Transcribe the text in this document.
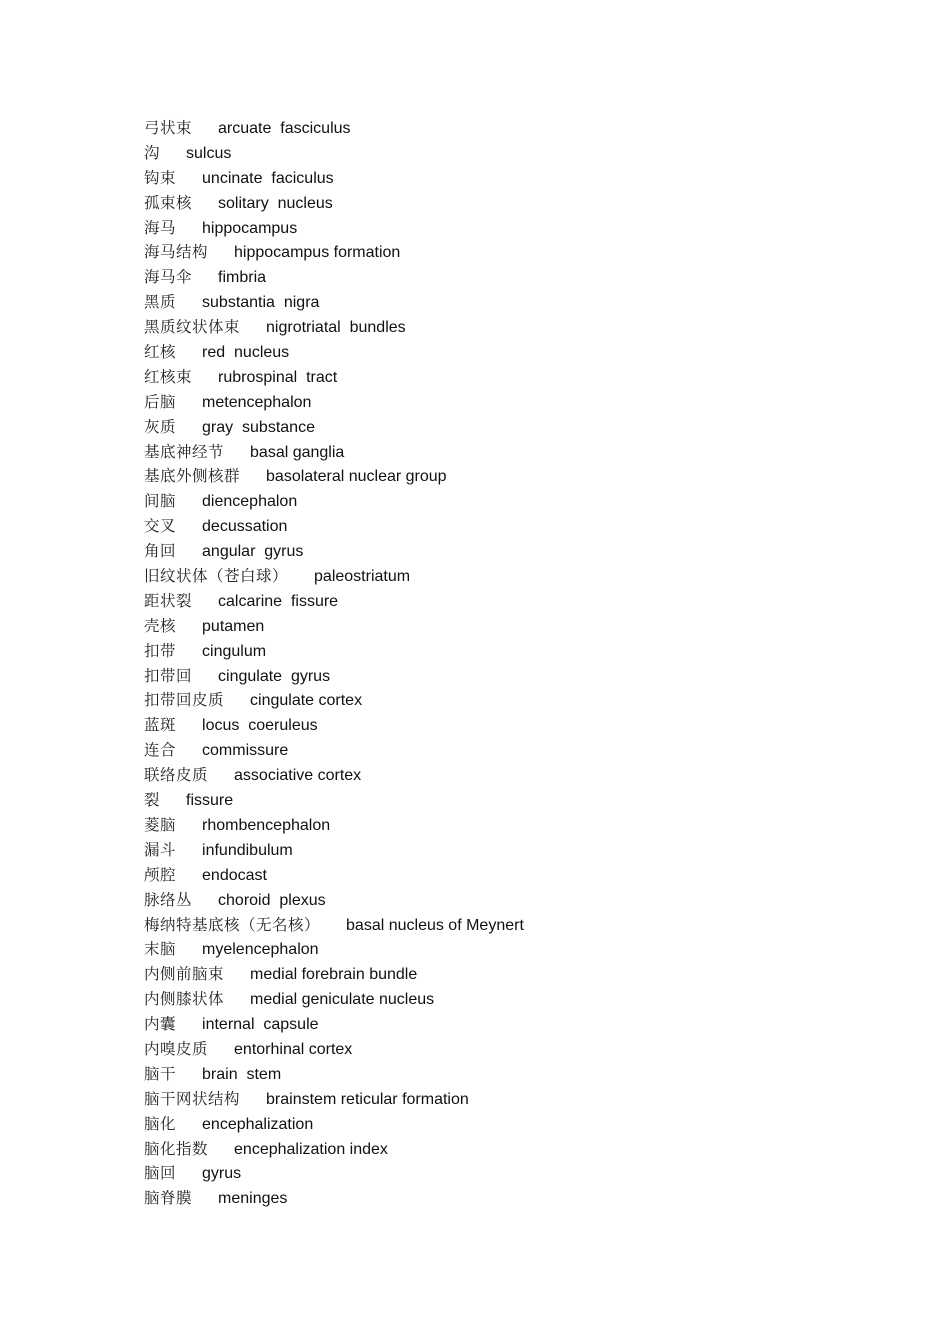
弓状束 arcuate  fasciculus
沟 sulcus
钩束 uncinate  faciculus
孤束核 solitary  nucleus
海马 hippocampus
海马结构 hippocampus formation
海马伞 fimbria
黑质 substantia  nigra
黑质纹状体束 nigrotriatal  bundles
红核 red  nucleus
红核束 rubrospinal  tract
后脑 metencephalon
灰质 gray  substance
基底神经节 basal ganglia
基底外侧核群 basolateral nuclear group
间脑 diencephalon
交叉 decussation
角回 angular  gyrus
旧纹状体（苍白球） paleostriatum
距状裂 calcarine  fissure
壳核 putamen
扣带 cingulum
扣带回 cingulate  gyrus
扣带回皮质 cingulate cortex
蓝斑 locus  coeruleus
连合 commissure
联络皮质 associative cortex
裂 fissure
菱脑 rhombencephalon
漏斗 infundibulum
颅腔 endocast
脉络丛 choroid  plexus
梅纳特基底核（无名核） basal nucleus of Meynert
末脑 myelencephalon
内侧前脑束 medial forebrain bundle
内侧膝状体 medial geniculate nucleus
内囊 internal  capsule
内嗅皮质 entorhinal cortex
脑干 brain  stem
脑干网状结构 brainstem reticular formation
脑化 encephalization
脑化指数 encephalization index
脑回 gyrus
脑脊膜 meninges
